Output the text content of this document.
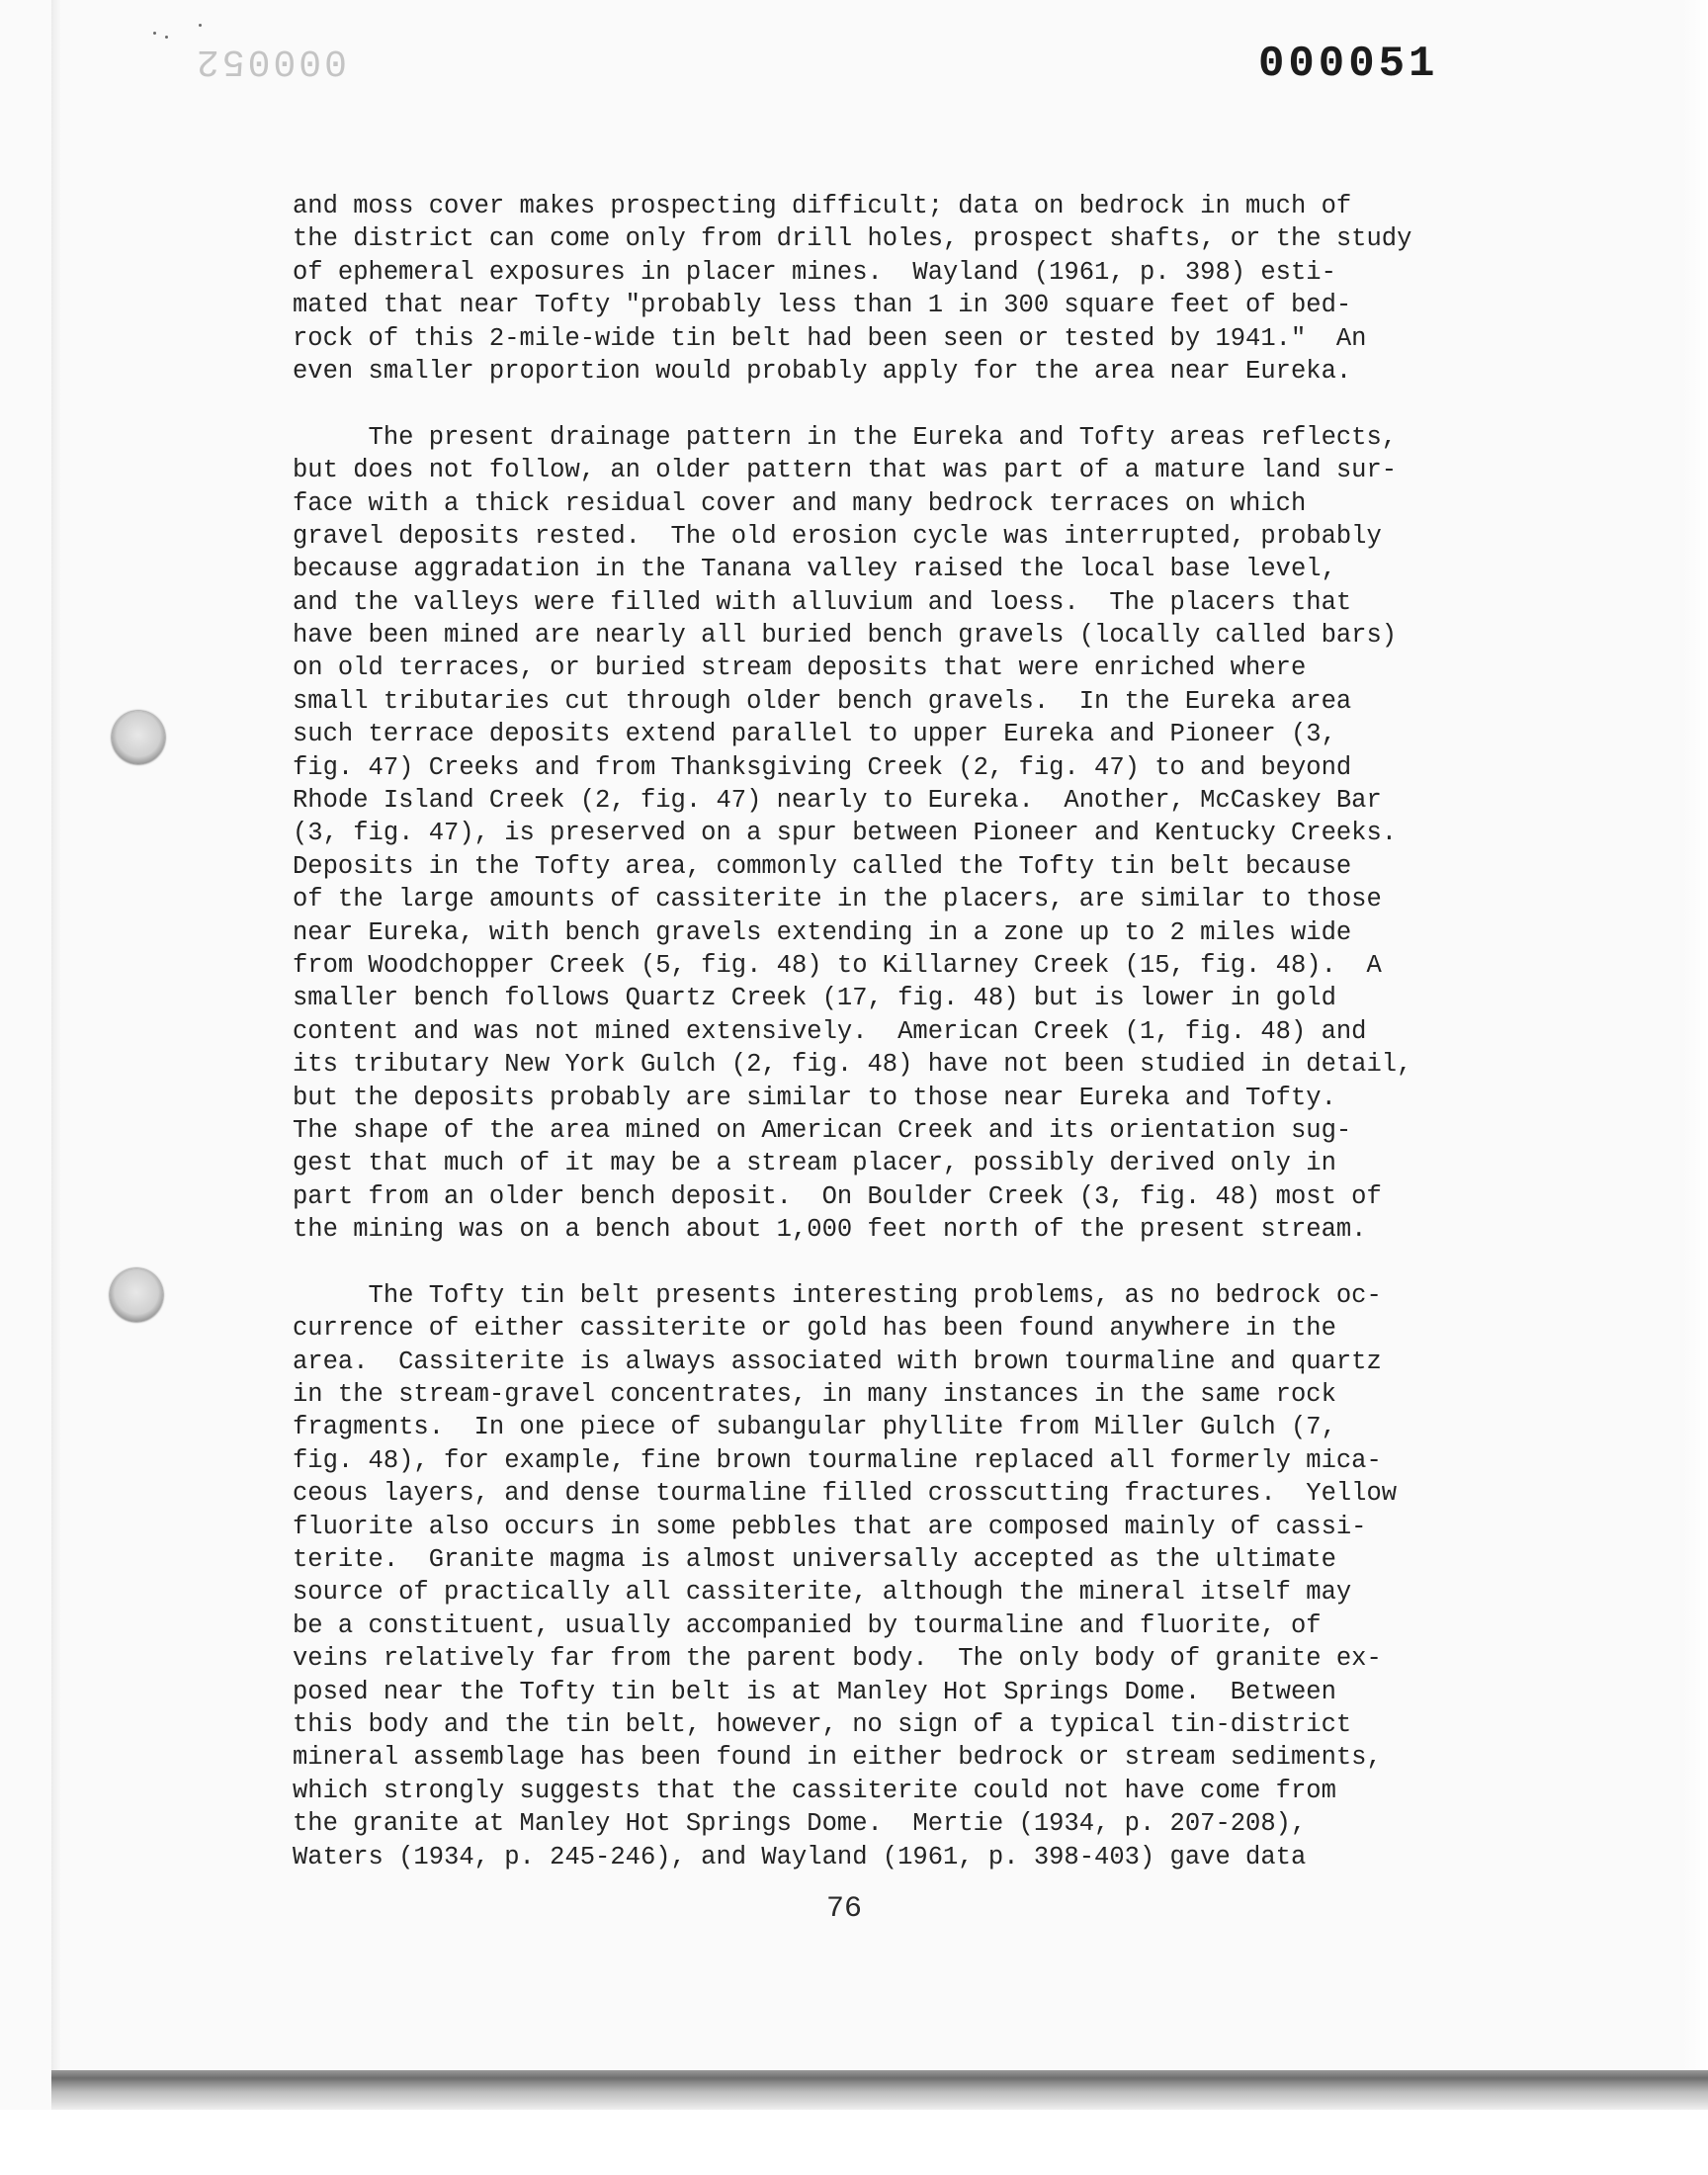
000052	000051
and moss cover makes prospecting difficult; data on bedrock in much of
the district can come only from drill holes, prospect shafts, or the study
of ephemeral exposures in placer mines.  Wayland (1961, p. 398) esti-
mated that near Tofty "probably less than 1 in 300 square feet of bed-
rock of this 2-mile-wide tin belt had been seen or tested by 1941."  An
even smaller proportion would probably apply for the area near Eureka.
The present drainage pattern in the Eureka and Tofty areas reflects,
but does not follow, an older pattern that was part of a mature land sur-
face with a thick residual cover and many bedrock terraces on which
gravel deposits rested.  The old erosion cycle was interrupted, probably
because aggradation in the Tanana valley raised the local base level,
and the valleys were filled with alluvium and loess.  The placers that
have been mined are nearly all buried bench gravels (locally called bars)
on old terraces, or buried stream deposits that were enriched where
small tributaries cut through older bench gravels.  In the Eureka area
such terrace deposits extend parallel to upper Eureka and Pioneer (3,
fig. 47) Creeks and from Thanksgiving Creek (2, fig. 47) to and beyond
Rhode Island Creek (2, fig. 47) nearly to Eureka.  Another, McCaskey Bar
(3, fig. 47), is preserved on a spur between Pioneer and Kentucky Creeks.
Deposits in the Tofty area, commonly called the Tofty tin belt because
of the large amounts of cassiterite in the placers, are similar to those
near Eureka, with bench gravels extending in a zone up to 2 miles wide
from Woodchopper Creek (5, fig. 48) to Killarney Creek (15, fig. 48).  A
smaller bench follows Quartz Creek (17, fig. 48) but is lower in gold
content and was not mined extensively.  American Creek (1, fig. 48) and
its tributary New York Gulch (2, fig. 48) have not been studied in detail,
but the deposits probably are similar to those near Eureka and Tofty.
The shape of the area mined on American Creek and its orientation sug-
gest that much of it may be a stream placer, possibly derived only in
part from an older bench deposit.  On Boulder Creek (3, fig. 48) most of
the mining was on a bench about 1,000 feet north of the present stream.
The Tofty tin belt presents interesting problems, as no bedrock oc-
currence of either cassiterite or gold has been found anywhere in the
area.  Cassiterite is always associated with brown tourmaline and quartz
in the stream-gravel concentrates, in many instances in the same rock
fragments.  In one piece of subangular phyllite from Miller Gulch (7,
fig. 48), for example, fine brown tourmaline replaced all formerly mica-
ceous layers, and dense tourmaline filled crosscutting fractures.  Yellow
fluorite also occurs in some pebbles that are composed mainly of cassi-
terite.  Granite magma is almost universally accepted as the ultimate
source of practically all cassiterite, although the mineral itself may
be a constituent, usually accompanied by tourmaline and fluorite, of
veins relatively far from the parent body.  The only body of granite ex-
posed near the Tofty tin belt is at Manley Hot Springs Dome.  Between
this body and the tin belt, however, no sign of a typical tin-district
mineral assemblage has been found in either bedrock or stream sediments,
which strongly suggests that the cassiterite could not have come from
the granite at Manley Hot Springs Dome.  Mertie (1934, p. 207-208),
Waters (1934, p. 245-246), and Wayland (1961, p. 398-403) gave data
76
